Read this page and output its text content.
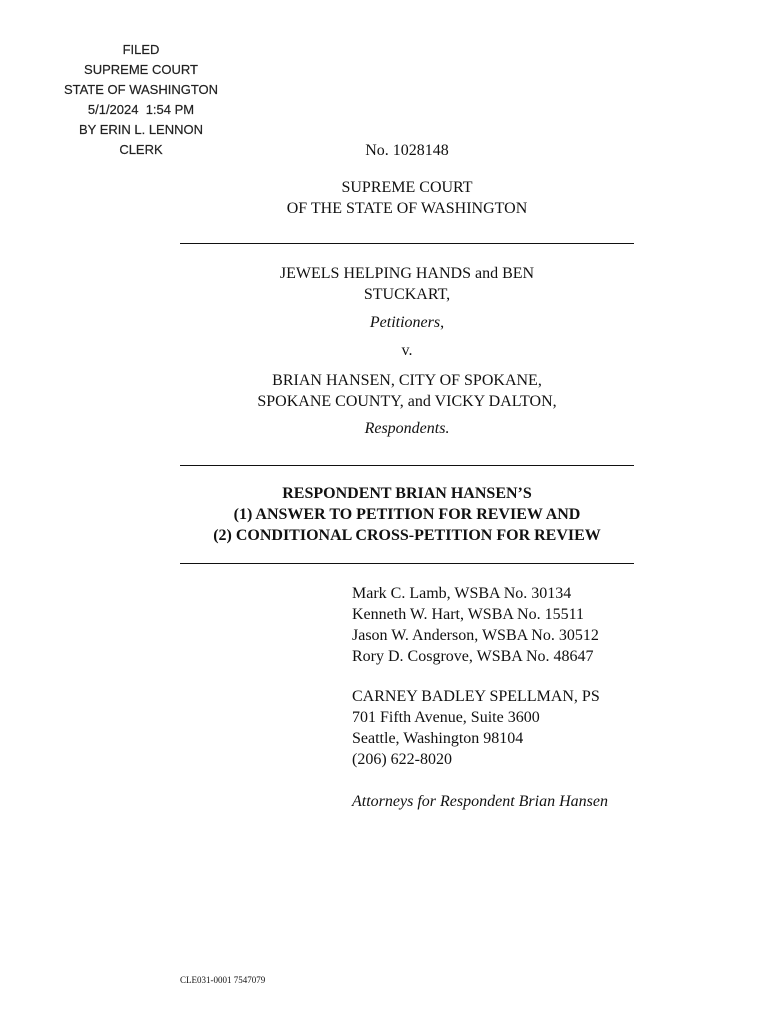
FILED
SUPREME COURT
STATE OF WASHINGTON
5/1/2024  1:54 PM
BY ERIN L. LENNON
CLERK	No. 1028148
SUPREME COURT
OF THE STATE OF WASHINGTON
JEWELS HELPING HANDS and BEN
STUCKART,
Petitioners,
v.
BRIAN HANSEN, CITY OF SPOKANE,
SPOKANE COUNTY, and VICKY DALTON,
Respondents.
RESPONDENT BRIAN HANSEN’S
(1) ANSWER TO PETITION FOR REVIEW AND
(2) CONDITIONAL CROSS-PETITION FOR REVIEW
Mark C. Lamb, WSBA No. 30134
Kenneth W. Hart, WSBA No. 15511
Jason W. Anderson, WSBA No. 30512
Rory D. Cosgrove, WSBA No. 48647
CARNEY BADLEY SPELLMAN, PS
701 Fifth Avenue, Suite 3600
Seattle, Washington 98104
(206) 622-8020
Attorneys for Respondent Brian Hansen
CLE031-0001 7547079
